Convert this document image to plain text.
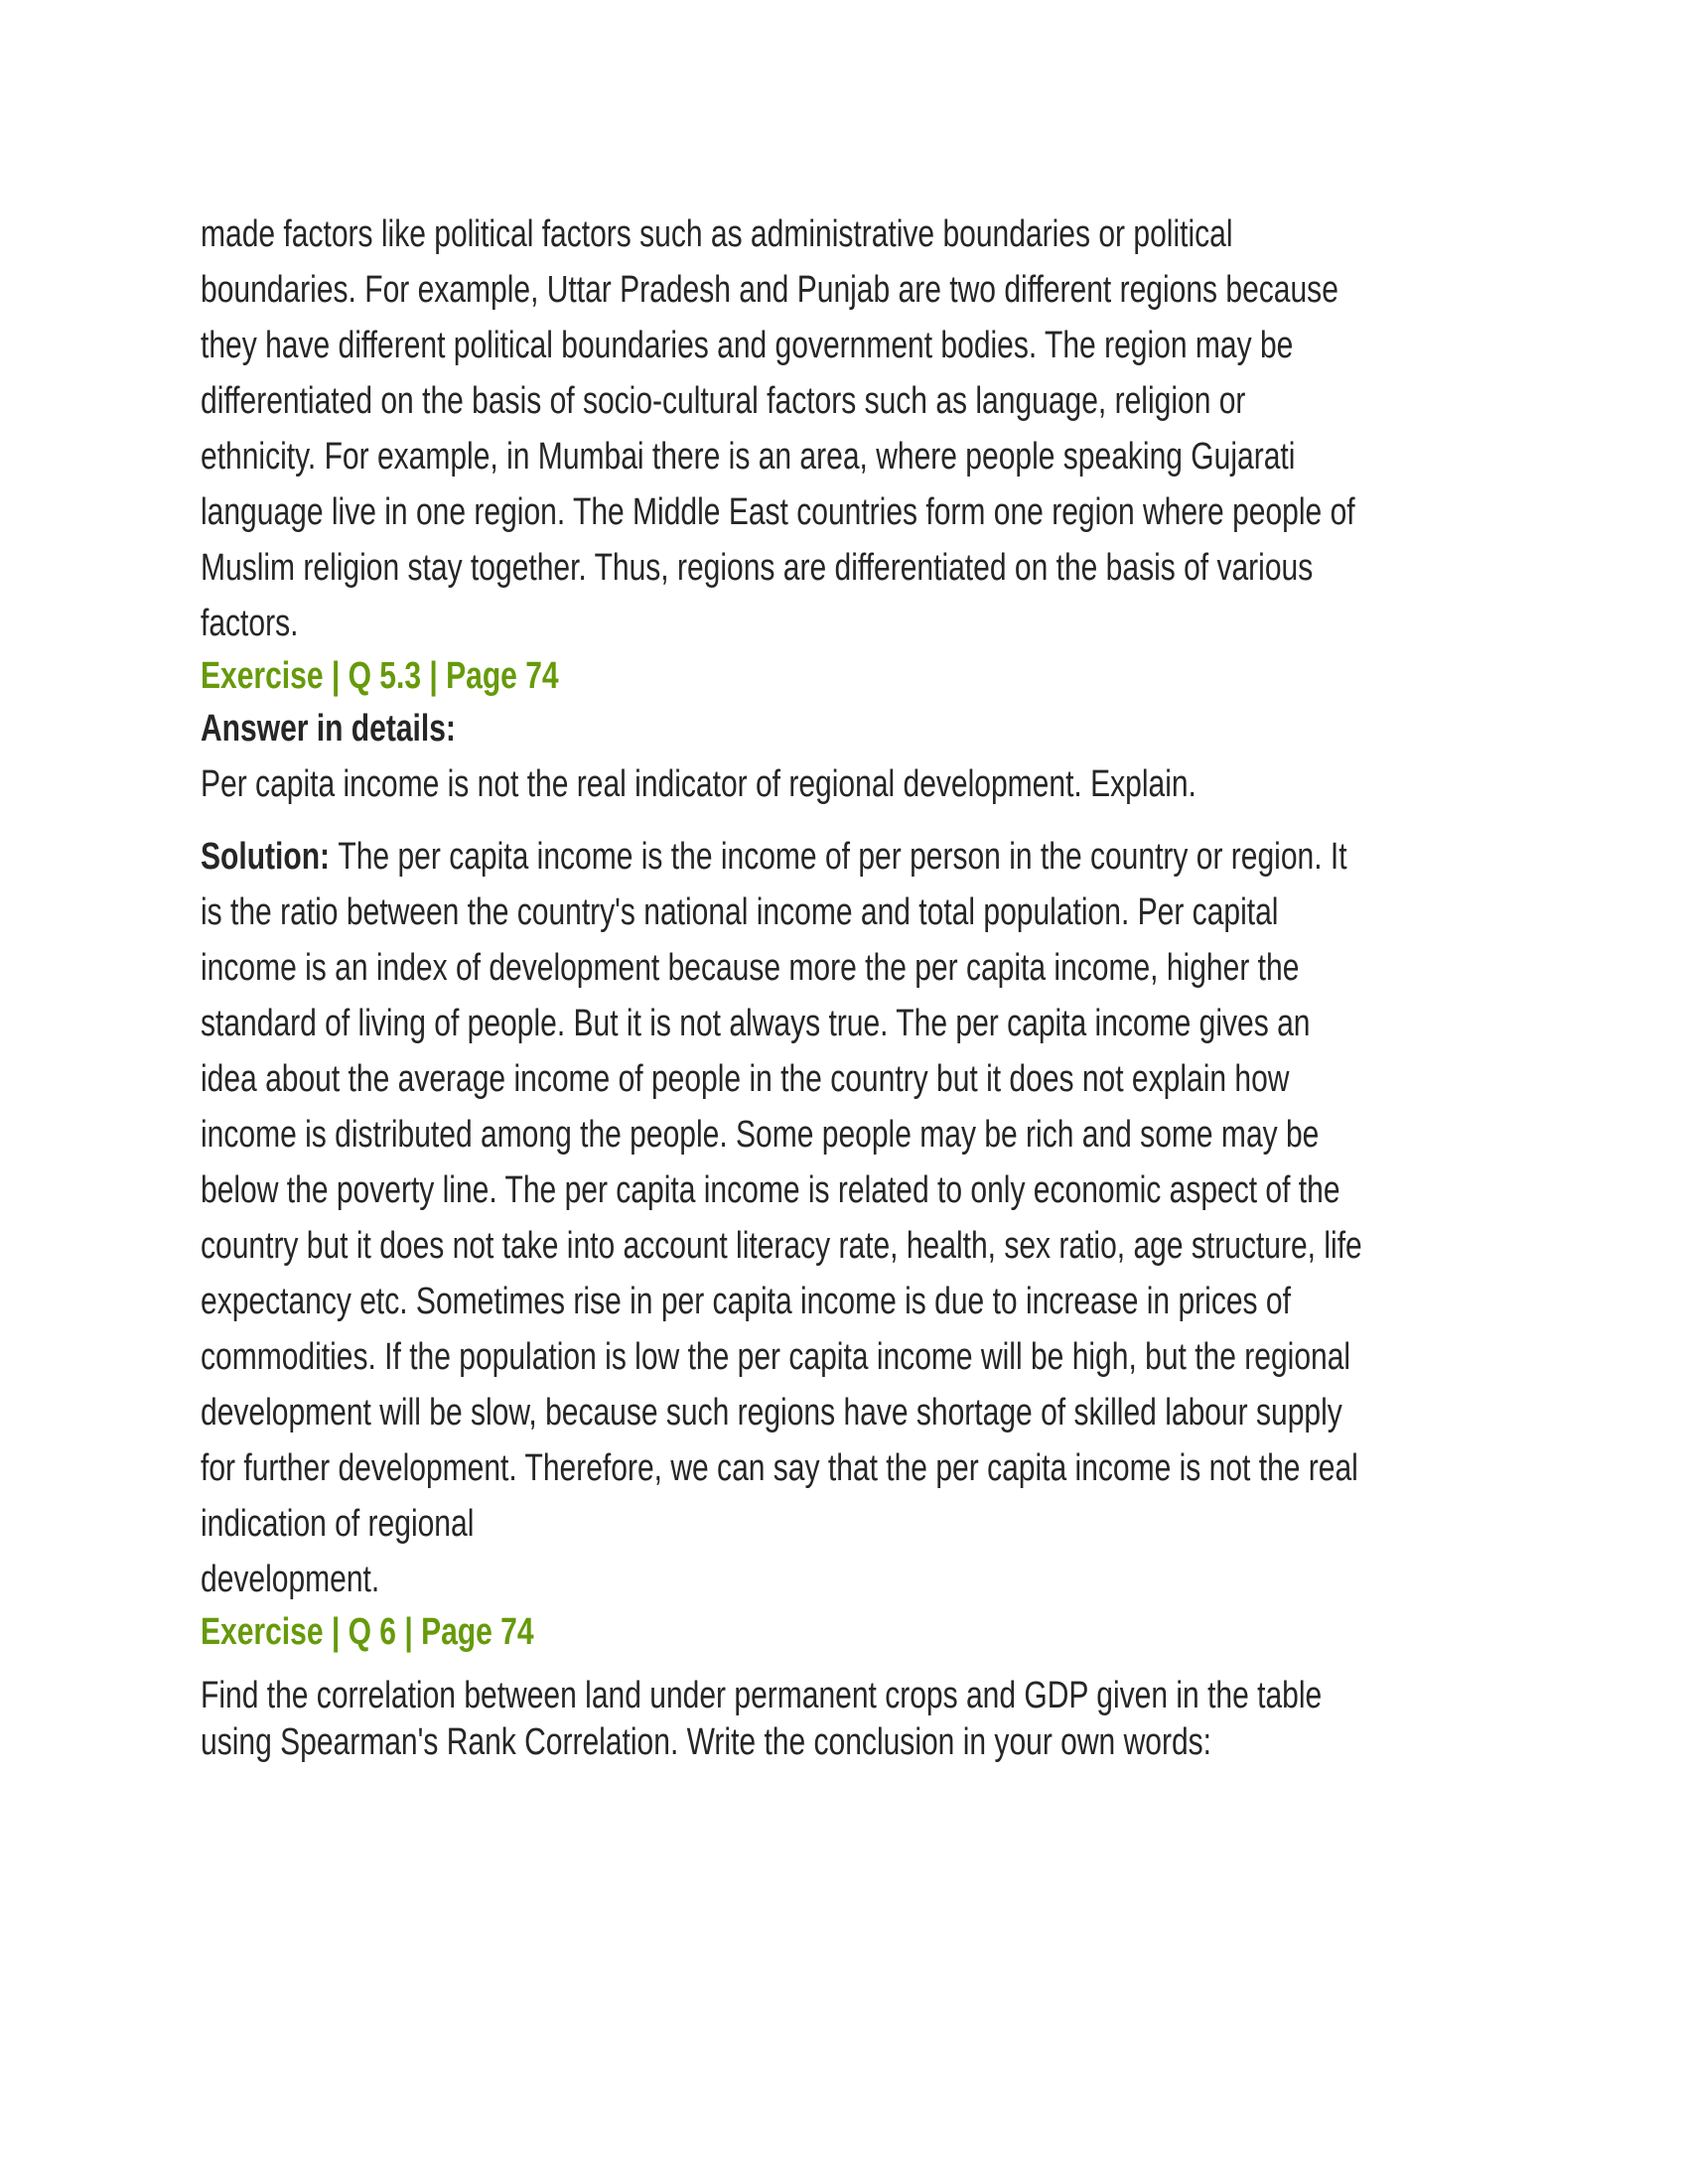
made factors like political factors such as administrative boundaries or political
boundaries. For example, Uttar Pradesh and Punjab are two different regions because
they have different political boundaries and government bodies. The region may be
differentiated on the basis of socio-cultural factors such as language, religion or
ethnicity. For example, in Mumbai there is an area, where people speaking Gujarati
language live in one region. The Middle East countries form one region where people of
Muslim religion stay together. Thus, regions are differentiated on the basis of various
factors.
Exercise | Q 5.3 | Page 74
Answer in details:
Per capita income is not the real indicator of regional development. Explain.
Solution: The per capita income is the income of per person in the country or region. It
is the ratio between the country's national income and total population. Per capital
income is an index of development because more the per capita income, higher the
standard of living of people. But it is not always true. The per capita income gives an
idea about the average income of people in the country but it does not explain how
income is distributed among the people. Some people may be rich and some may be
below the poverty line. The per capita income is related to only economic aspect of the
country but it does not take into account literacy rate, health, sex ratio, age structure, life
expectancy etc. Sometimes rise in per capita income is due to increase in prices of
commodities. If the population is low the per capita income will be high, but the regional
development will be slow, because such regions have shortage of skilled labour supply
for further development. Therefore, we can say that the per capita income is not the real
indication of regional
development.
Exercise | Q 6 | Page 74
Find the correlation between land under permanent crops and GDP given in the table
using Spearman's Rank Correlation. Write the conclusion in your own words:
